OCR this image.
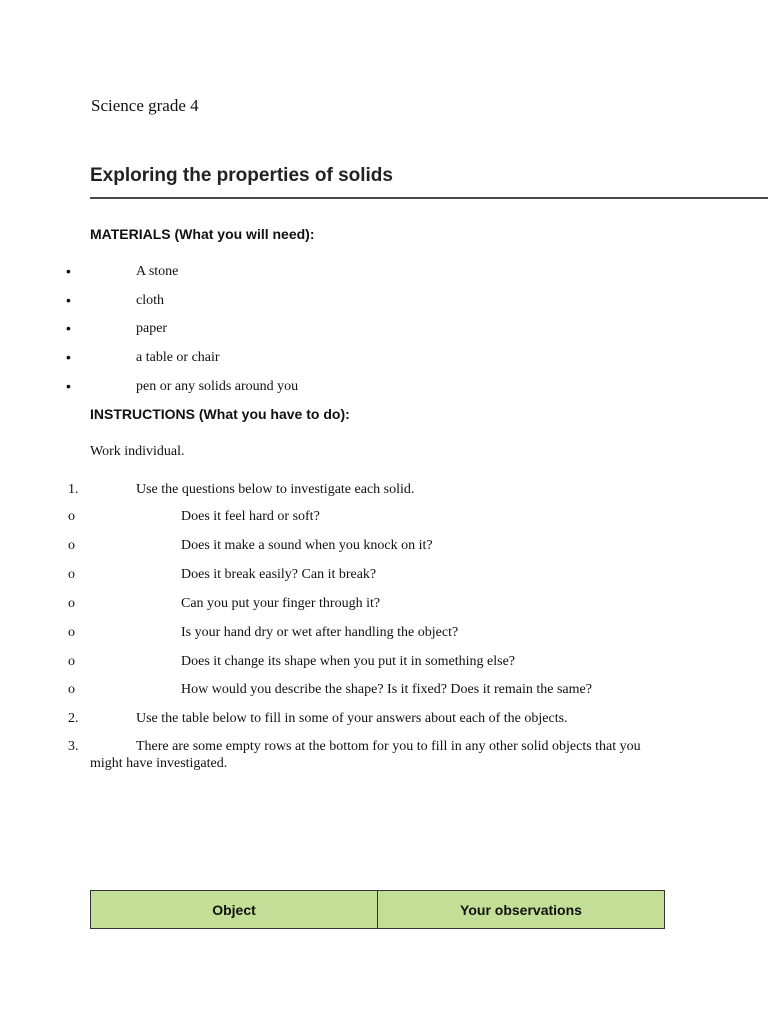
Science grade 4
Exploring the properties of solids
MATERIALS (What you will need):
•	A stone
•	cloth
•	paper
•	a table or chair
•	pen or any solids around you
INSTRUCTIONS (What you have to do):
Work individual.
1.	Use the questions below to investigate each solid.
o	Does it feel hard or soft?
o	Does it make a sound when you knock on it?
o	Does it break easily? Can it break?
o	Can you put your finger through it?
o	Is your hand dry or wet after handling the object?
o	Does it change its shape when you put it in something else?
o	How would you describe the shape? Is it fixed? Does it remain the same?
2.	Use the table below to fill in some of your answers about each of the objects.
3.	There are some empty rows at the bottom for you to fill in any other solid objects that you might have investigated.
Object	Your observations
